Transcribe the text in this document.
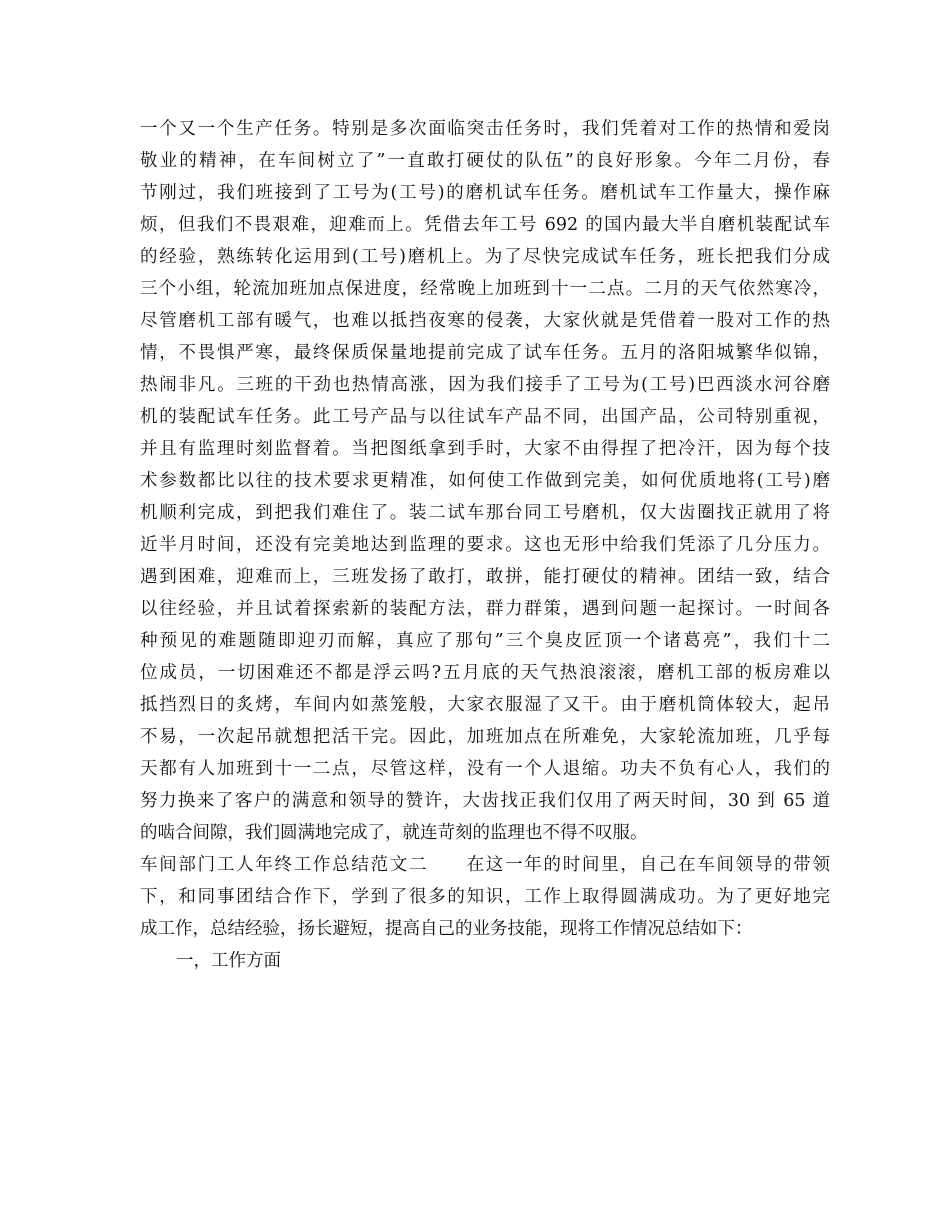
一个又一个生产任务。特别是多次面临突击任务时，我们凭着对工作的热情和爱岗
敬业的精神，在车间树立了”一直敢打硬仗的队伍”的良好形象。今年二月份，春
节刚过，我们班接到了工号为(工号)的磨机试车任务。磨机试车工作量大，操作麻
烦，但我们不畏艰难，迎难而上。凭借去年工号 692 的国内最大半自磨机装配试车
的经验，熟练转化运用到(工号)磨机上。为了尽快完成试车任务，班长把我们分成
三个小组，轮流加班加点保进度，经常晚上加班到十一二点。二月的天气依然寒冷，
尽管磨机工部有暖气，也难以抵挡夜寒的侵袭，大家伙就是凭借着一股对工作的热
情，不畏惧严寒，最终保质保量地提前完成了试车任务。五月的洛阳城繁华似锦，
热闹非凡。三班的干劲也热情高涨，因为我们接手了工号为(工号)巴西淡水河谷磨
机的装配试车任务。此工号产品与以往试车产品不同，出国产品，公司特别重视，
并且有监理时刻监督着。当把图纸拿到手时，大家不由得捏了把冷汗，因为每个技
术参数都比以往的技术要求更精准，如何使工作做到完美，如何优质地将(工号)磨
机顺利完成，到把我们难住了。装二试车那台同工号磨机，仅大齿圈找正就用了将
近半月时间，还没有完美地达到监理的要求。这也无形中给我们凭添了几分压力。
遇到困难，迎难而上，三班发扬了敢打，敢拼，能打硬仗的精神。团结一致，结合
以往经验，并且试着探索新的装配方法，群力群策，遇到问题一起探讨。一时间各
种预见的难题随即迎刃而解，真应了那句”三个臭皮匠顶一个诸葛亮”，我们十二
位成员，一切困难还不都是浮云吗?五月底的天气热浪滚滚，磨机工部的板房难以
抵挡烈日的炙烤，车间内如蒸笼般，大家衣服湿了又干。由于磨机筒体较大，起吊
不易，一次起吊就想把活干完。因此，加班加点在所难免，大家轮流加班，几乎每
天都有人加班到十一二点，尽管这样，没有一个人退缩。功夫不负有心人，我们的
努力换来了客户的满意和领导的赞许，大齿找正我们仅用了两天时间，30 到 65 道
的啮合间隙，我们圆满地完成了，就连苛刻的监理也不得不叹服。
车间部门工人年终工作总结范文二　　在这一年的时间里，自己在车间领导的带领
下，和同事团结合作下，学到了很多的知识，工作上取得圆满成功。为了更好地完
成工作，总结经验，扬长避短，提高自己的业务技能，现将工作情况总结如下：
一，工作方面
